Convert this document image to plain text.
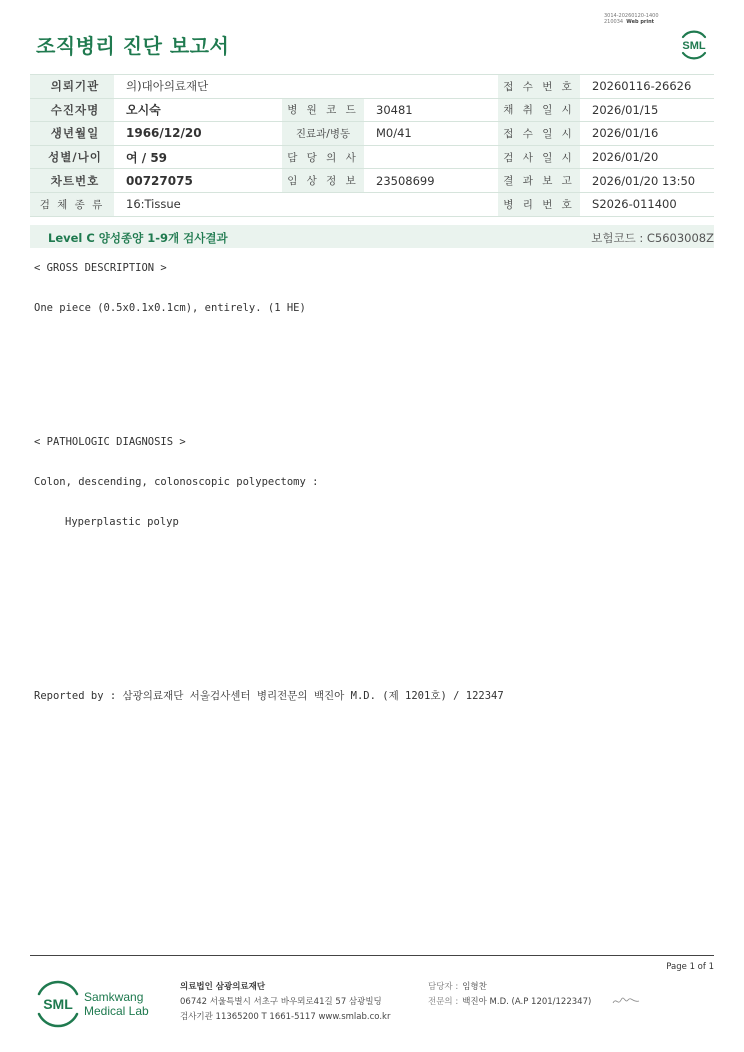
조직병리 진단 보고서
3014-20260120-1400
210034 Web print
SML
의뢰기관	의)대아의료재단			접 수 번 호	20260116-26626
수진자명	오시숙	병 원 코 드	30481	채 취 일 시	2026/01/15
생년월일	1966/12/20	진료과/병동	M0/41	접 수 일 시	2026/01/16
성별/나이	여 / 59	담 당 의 사		검 사 일 시	2026/01/20
차트번호	00727075	임 상 정 보	23508699	결 과 보 고	2026/01/20 13:50
검 체 종 류	16:Tissue			병 리 번 호	S2026-011400
Level C 양성종양 1-9개 검사결과	보험코드 : C5603008Z
< GROSS DESCRIPTION >
One piece (0.5x0.1x0.1cm), entirely. (1 HE)
< PATHOLOGIC DIAGNOSIS >
Colon, descending, colonoscopic polypectomy :
Hyperplastic polyp
Reported by : 삼광의료재단 서울검사센터 병리전문의 백진아 M.D. (제 1201호) / 122347
Page 1 of 1
SML Samkwang
Medical Lab
의료법인 삼광의료재단
06742 서울특별시 서초구 바우뫼로41길 57 삼광빌딩
검사기관 11365200 T 1661-5117 www.smlab.co.kr
담당자 : 임형찬
전문의 : 백진아 M.D. (A.P 1201/122347)
